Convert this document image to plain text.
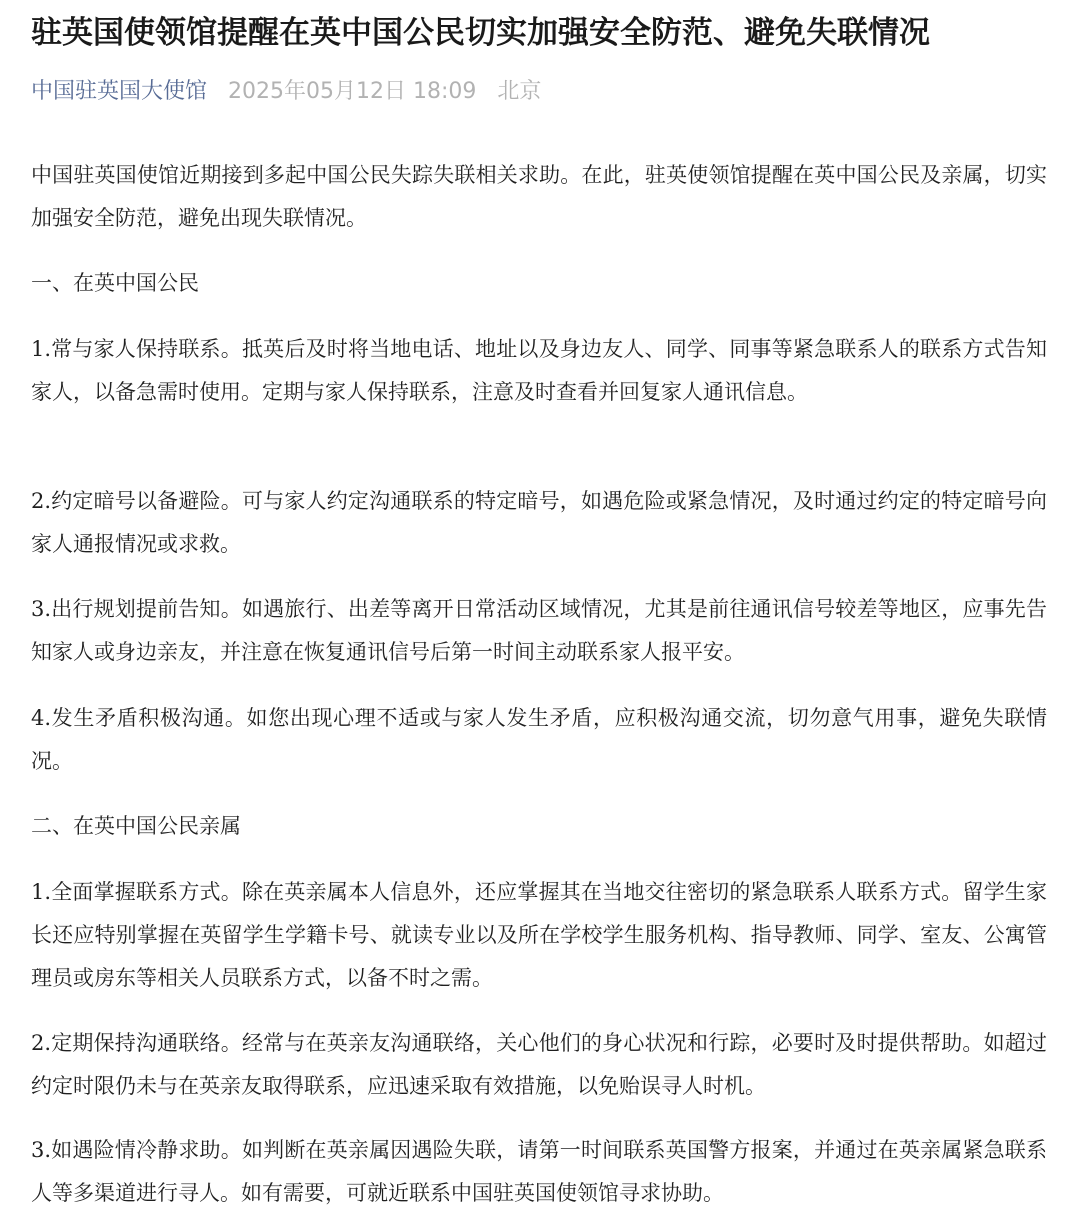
驻英国使领馆提醒在英中国公民切实加强安全防范、避免失联情况
中国驻英国大使馆 2025年05月12日 18:09 北京

中国驻英国使馆近期接到多起中国公民失踪失联相关求助。在此，驻英使领馆提醒在英中国公民及亲属，切实加强安全防范，避免出现失联情况。

一、在英中国公民

1.常与家人保持联系。抵英后及时将当地电话、地址以及身边友人、同学、同事等紧急联系人的联系方式告知家人，以备急需时使用。定期与家人保持联系，注意及时查看并回复家人通讯信息。

2.约定暗号以备避险。可与家人约定沟通联系的特定暗号，如遇危险或紧急情况，及时通过约定的特定暗号向家人通报情况或求救。

3.出行规划提前告知。如遇旅行、出差等离开日常活动区域情况，尤其是前往通讯信号较差等地区，应事先告知家人或身边亲友，并注意在恢复通讯信号后第一时间主动联系家人报平安。

4.发生矛盾积极沟通。如您出现心理不适或与家人发生矛盾，应积极沟通交流，切勿意气用事，避免失联情况。

二、在英中国公民亲属

1.全面掌握联系方式。除在英亲属本人信息外，还应掌握其在当地交往密切的紧急联系人联系方式。留学生家长还应特别掌握在英留学生学籍卡号、就读专业以及所在学校学生服务机构、指导教师、同学、室友、公寓管理员或房东等相关人员联系方式，以备不时之需。

2.定期保持沟通联络。经常与在英亲友沟通联络，关心他们的身心状况和行踪，必要时及时提供帮助。如超过约定时限仍未与在英亲友取得联系，应迅速采取有效措施，以免贻误寻人时机。

3.如遇险情冷静求助。如判断在英亲属因遇险失联，请第一时间联系英国警方报案，并通过在英亲属紧急联系人等多渠道进行寻人。如有需要，可就近联系中国驻英国使领馆寻求协助。
